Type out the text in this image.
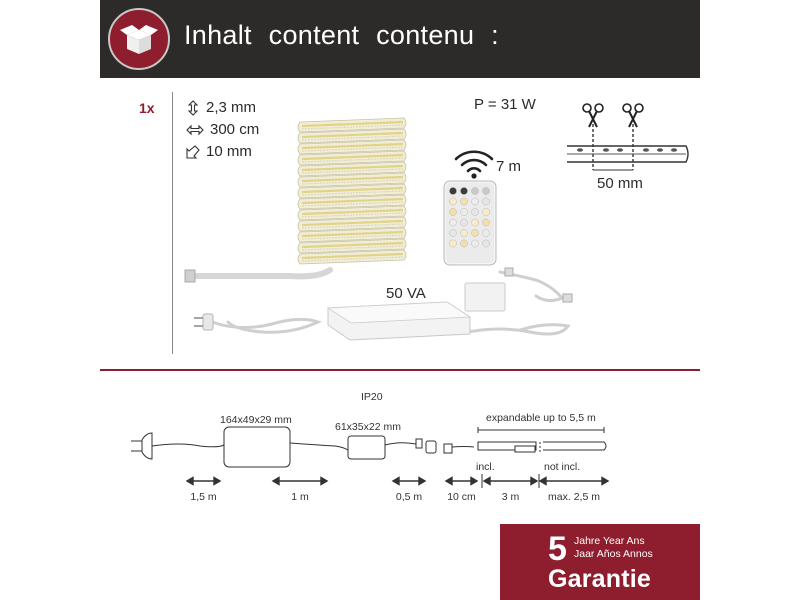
Inhalt content contenu :
1x	2,3 mm
300 cm
10 mm
P = 31 W
7 m
50 mm
50 VA
IP20
164x49x29 mm
61x35x22 mm
expandable up to 5,5 m
incl.	not incl.
1,5 m	1 m	0,5 m 10 cm 3 m	max. 2,5 m
5 Jahre Year Ans
Jaar Años Annos
Garantie
